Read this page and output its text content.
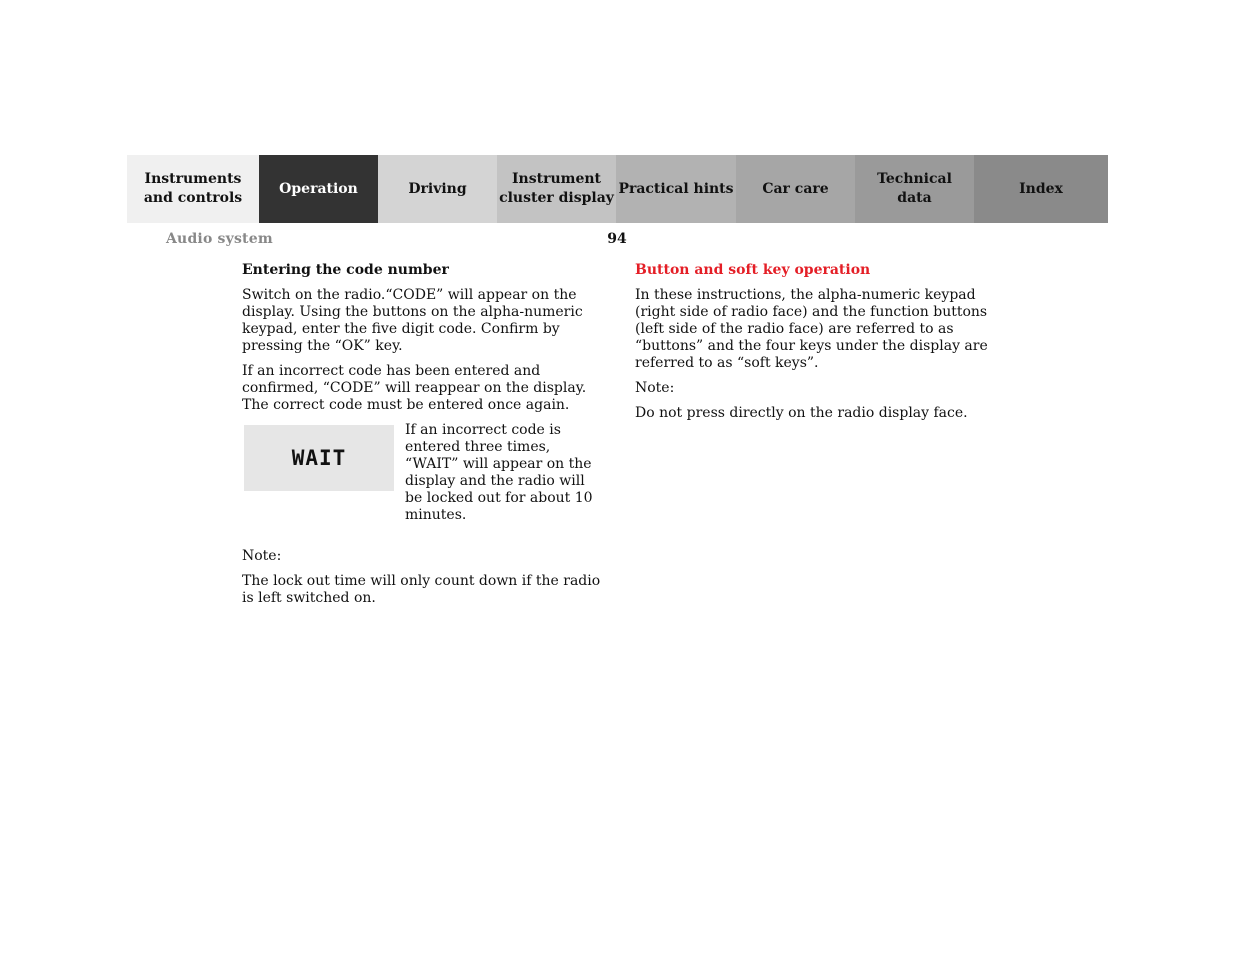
Instruments
and controls
Operation	Driving
Instrument
cluster display
Practical hints	Car care
Technical
data
Index
Audio system	94

Entering the code number

Switch on the radio.“CODE” will appear on the display. Using the buttons on the alpha-numeric keypad, enter the five digit code. Confirm by pressing the “OK” key.

If an incorrect code has been entered and confirmed, “CODE” will reappear on the display. The correct code must be entered once again.

WAIT

If an incorrect code is entered three times, “WAIT” will appear on the display and the radio will be locked out for about 10 minutes.

Note:

The lock out time will only count down if the radio is left switched on.

Button and soft key operation

In these instructions, the alpha-numeric keypad (right side of radio face) and the function buttons (left side of the radio face) are referred to as “buttons” and the four keys under the display are referred to as “soft keys”.

Note:

Do not press directly on the radio display face.
